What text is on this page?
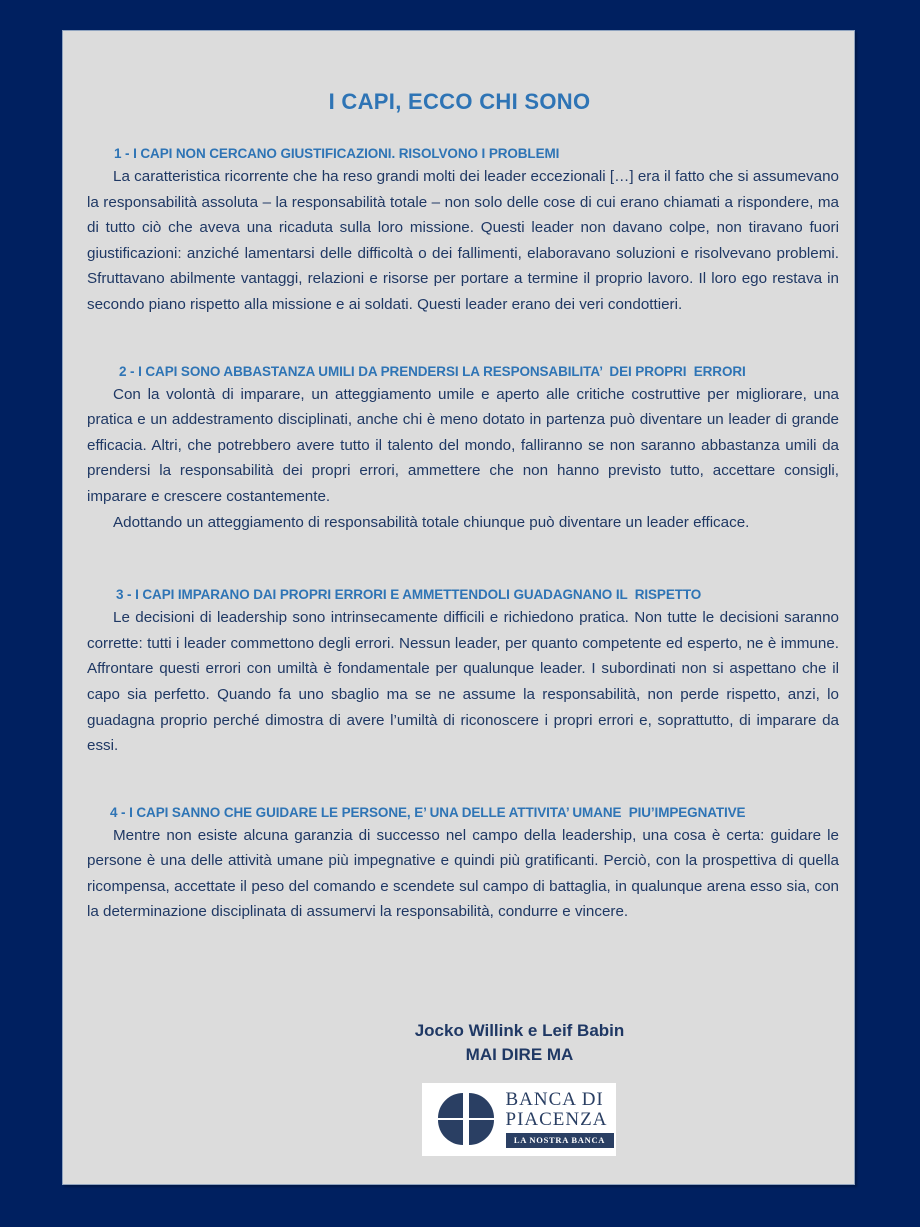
I CAPI, ECCO CHI SONO
1 - I CAPI NON CERCANO GIUSTIFICAZIONI. RISOLVONO I PROBLEMI

La caratteristica ricorrente che ha reso grandi molti dei leader eccezionali […] era il fatto che si assumevano la responsabilità assoluta – la responsabilità totale – non solo delle cose di cui erano chiamati a rispondere, ma di tutto ciò che aveva una ricaduta sulla loro missione. Questi leader non davano colpe, non tiravano fuori giustificazioni: anziché lamentarsi delle difficoltà o dei fallimenti, elaboravano soluzioni e risolvevano problemi. Sfruttavano abilmente vantaggi, relazioni e risorse per portare a termine il proprio lavoro. Il loro ego restava in secondo piano rispetto alla missione e ai soldati. Questi leader erano dei veri condottieri.

2 - I CAPI SONO ABBASTANZA UMILI DA PRENDERSI LA RESPONSABILITA’  DEI PROPRI  ERRORI

Con la volontà di imparare, un atteggiamento umile e aperto alle critiche costruttive per migliorare, una pratica e un addestramento disciplinati, anche chi è meno dotato in partenza può diventare un leader di grande efficacia. Altri, che potrebbero avere tutto il talento del mondo, falliranno se non saranno abbastanza umili da prendersi la responsabilità dei propri errori, ammettere che non hanno previsto tutto, accettare consigli, imparare e crescere costantemente.

Adottando un atteggiamento di responsabilità totale chiunque può diventare un leader efficace.

3 - I CAPI IMPARANO DAI PROPRI ERRORI E AMMETTENDOLI GUADAGNANO IL  RISPETTO

Le decisioni di leadership sono intrinsecamente difficili e richiedono pratica. Non tutte le decisioni saranno corrette: tutti i leader commettono degli errori. Nessun leader, per quanto competente ed esperto, ne è immune. Affrontare questi errori con umiltà è fondamentale per qualunque leader. I subordinati non si aspettano che il capo sia perfetto. Quando fa uno sbaglio ma se ne assume la responsabilità, non perde rispetto, anzi, lo guadagna proprio perché dimostra di avere l’umiltà di riconoscere i propri errori e, soprattutto, di imparare da essi.

4 - I CAPI SANNO CHE GUIDARE LE PERSONE, E’ UNA DELLE ATTIVITA’ UMANE  PIU’IMPEGNATIVE

Mentre non esiste alcuna garanzia di successo nel campo della leadership, una cosa è certa: guidare le persone è una delle attività umane più impegnative e quindi più gratificanti. Perciò, con la prospettiva di quella ricompensa, accettate il peso del comando e scendete sul campo di battaglia, in qualunque arena esso sia, con la determinazione disciplinata di assumervi la responsabilità, condurre e vincere.

Jocko Willink e Leif Babin
MAI DIRE MA
BANCA DI
PIACENZA
LA NOSTRA BANCA
